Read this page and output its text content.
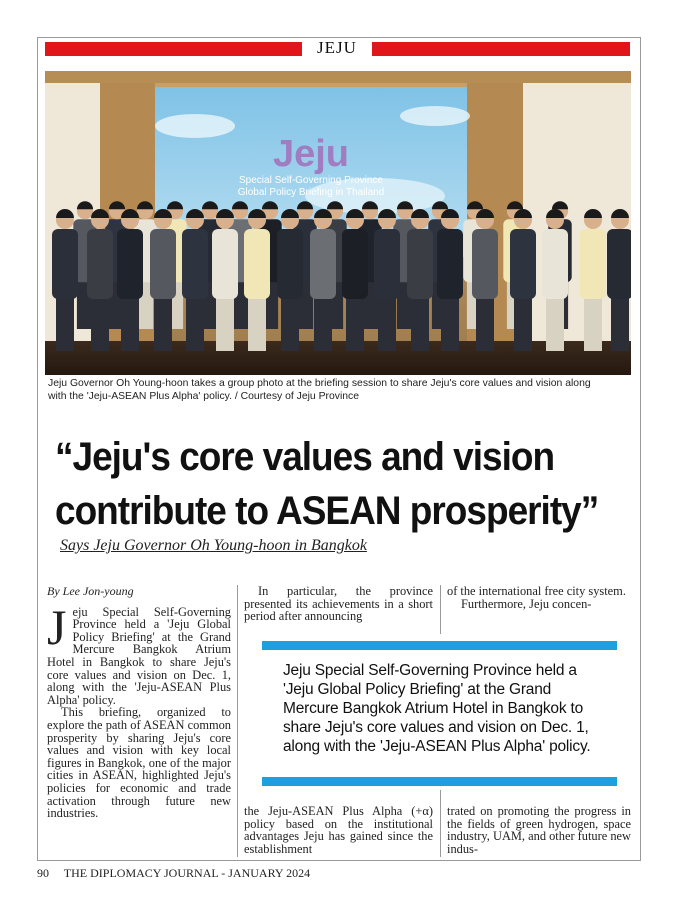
JEJU
Jeju
Special Self-Governing Province
Global Policy Briefing in Thailand
Jeju Governor Oh Young-hoon takes a group photo at the briefing session to share Jeju's core values and vision along
with the 'Jeju-ASEAN Plus Alpha' policy. / Courtesy of Jeju Province
“Jeju's core values and vision
contribute to ASEAN prosperity”
Says Jeju Governor Oh Young-hoon in Bangkok

By Lee Jon-young

Jeju Special Self-Governing Province held a 'Jeju Global Policy Briefing' at the Grand Mercure Bangkok Atrium Hotel in Bangkok to share Jeju's core values and vision on Dec. 1, along with the 'Jeju-ASEAN Plus Alpha' policy.

This briefing, organized to explore the path of ASEAN common prosperity by sharing Jeju's core values and vision with key local figures in Bangkok, one of the major cities in ASEAN, highlighted Jeju's policies for economic and trade activation through future new industries.

In particular, the province presented its achievements in a short period after announcing

the Jeju-ASEAN Plus Alpha (+α) policy based on the institutional advantages Jeju has gained since the establishment

of the international free city system.

Furthermore, Jeju concen-

trated on promoting the progress in the fields of green hydrogen, space industry, UAM, and other future new indus-

Jeju Special Self-Governing Province held a 'Jeju Global Policy Briefing' at the Grand Mercure Bangkok Atrium Hotel in Bangkok to share Jeju's core values and vision on Dec. 1, along with the 'Jeju-ASEAN Plus Alpha' policy.
90 THE DIPLOMACY JOURNAL - JANUARY 2024
